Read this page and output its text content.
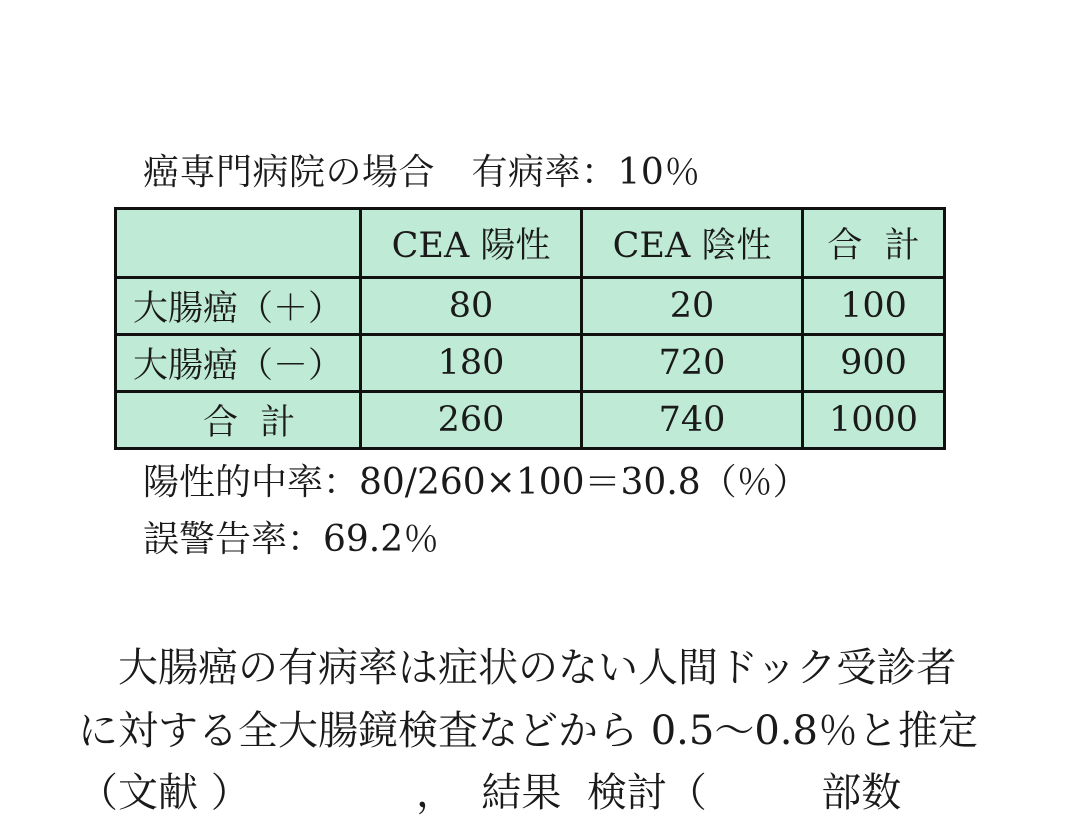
癌専門病院の場合　有病率：10％
	CEA 陽性	CEA 陰性	合  計
大腸癌（＋）	80	20	100
大腸癌（－）	180	720	900
合  計	260	740	1000
陽性的中率：80/260×100＝30.8（％）
誤警告率：69.2％
大腸癌の有病率は症状のない人間ドック受診者
に対する全大腸鏡検査などから 0.5～0.8％と推定
（文献 ）             ，  結果  検討（         部数
